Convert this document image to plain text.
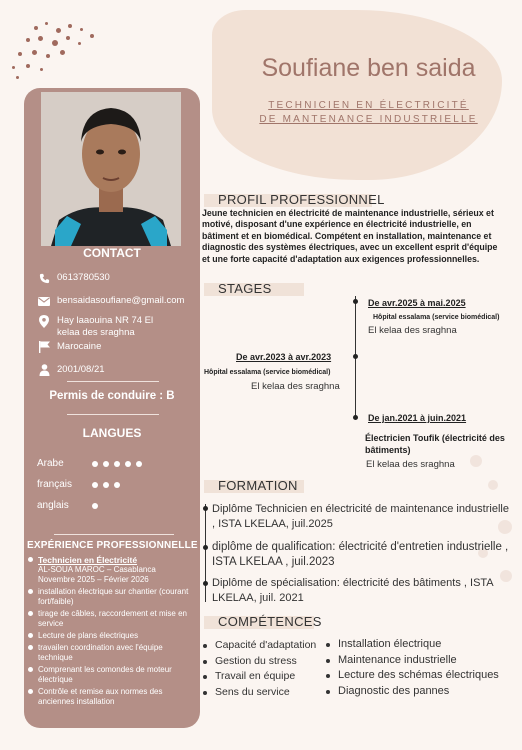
Soufiane ben saida
TECHNICIEN EN ÉLECTRICITÉ
DE MANTENANCE INDUSTRIELLE
CONTACT
0613780530
bensaidasoufiane@gmail.com
Hay laaouina NR 74 El kelaa des sraghna
Marocaine
2001/08/21
Permis de conduire : B
LANGUES
Arabe
français
anglais
EXPÉRIENCE PROFESSIONNELLE
Technicien en Électricité
AL-SOUA MAROC – Casablanca
Novembre 2025 – Février 2026
installation électrique sur chantier (courant fort/faible)
tirage de câbles, raccordement et mise en service
Lecture de plans électriques
travailen coordination avec l'équipe technique
Comprenant les comondes de moteur électrique
Contrôle et remise aux normes des anciennes installation
PROFIL PROFESSIONNEL
Jeune technicien en électricité de maintenance industrielle, sérieux et motivé, disposant d'une expérience en électricité industrielle, en bâtiment et en biomédical. Compétent en installation, maintenance et diagnostic des systèmes électriques, avec un excellent esprit d'équipe et une forte capacité d'adaptation aux exigences professionnelles.
STAGES
De avr.2025 à mai.2025
Hôpital essalama (service biomédical)
El kelaa des sraghna
De avr.2023 à avr.2023
Hôpital essalama (service biomédical)
El kelaa des sraghna
De jan.2021 à juin.2021
Électricien Toufik (électricité des bâtiments)
El kelaa des sraghna
FORMATION
Diplôme Technicien en électricité de maintenance industrielle , ISTA LKELAA, juil.2025
diplôme de qualification: électricité d'entretien industrielle , ISTA LKELAA , juil.2023
Diplôme de spécialisation: électricité des bâtiments , ISTA LKELAA, juil. 2021
COMPÉTENCES
Capacité d'adaptation
Gestion du stress
Travail en équipe
Sens du service
Installation électrique
Maintenance industrielle
Lecture des schémas électriques
Diagnostic des pannes
